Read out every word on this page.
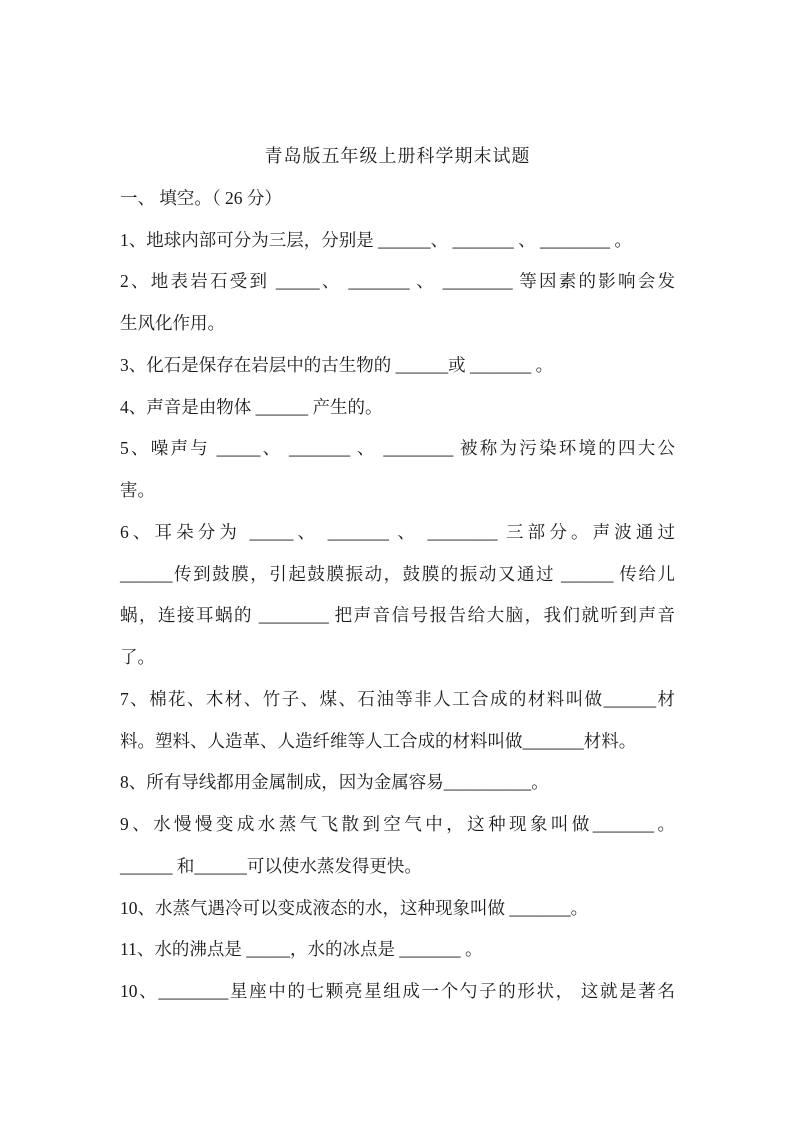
青岛版五年级上册科学期末试题
一、 填空。（ 26 分）
1、地球内部可分为三层，分别是 ______、 _______ 、 ________ 。
2、地表岩石受到 _____、 _______ 、 ________ 等因素的影响会发
生风化作用。
3、化石是保存在岩层中的古生物的 ______或 _______ 。
4、声音是由物体 ______ 产生的。
5、噪声与 _____、 _______ 、 ________ 被称为污染环境的四大公
害。
6、耳朵分为 _____、 _______ 、 ________ 三部分。声波通过
______传到鼓膜，引起鼓膜振动，鼓膜的振动又通过 ______ 传给儿
蜗，连接耳蜗的 ________ 把声音信号报告给大脑，我们就听到声音
了。
7、棉花、木材、竹子、煤、石油等非人工合成的材料叫做______材
料。塑料、人造革、人造纤维等人工合成的材料叫做_______材料。
8、所有导线都用金属制成，因为金属容易__________。
9、水慢慢变成水蒸气飞散到空气中，这种现象叫做_______。
______ 和______可以使水蒸发得更快。
10、水蒸气遇冷可以变成液态的水，这种现象叫做 _______。
11、水的沸点是 _____，水的冰点是 _______ 。
10、________星座中的七颗亮星组成一个勺子的形状， 这就是著名
